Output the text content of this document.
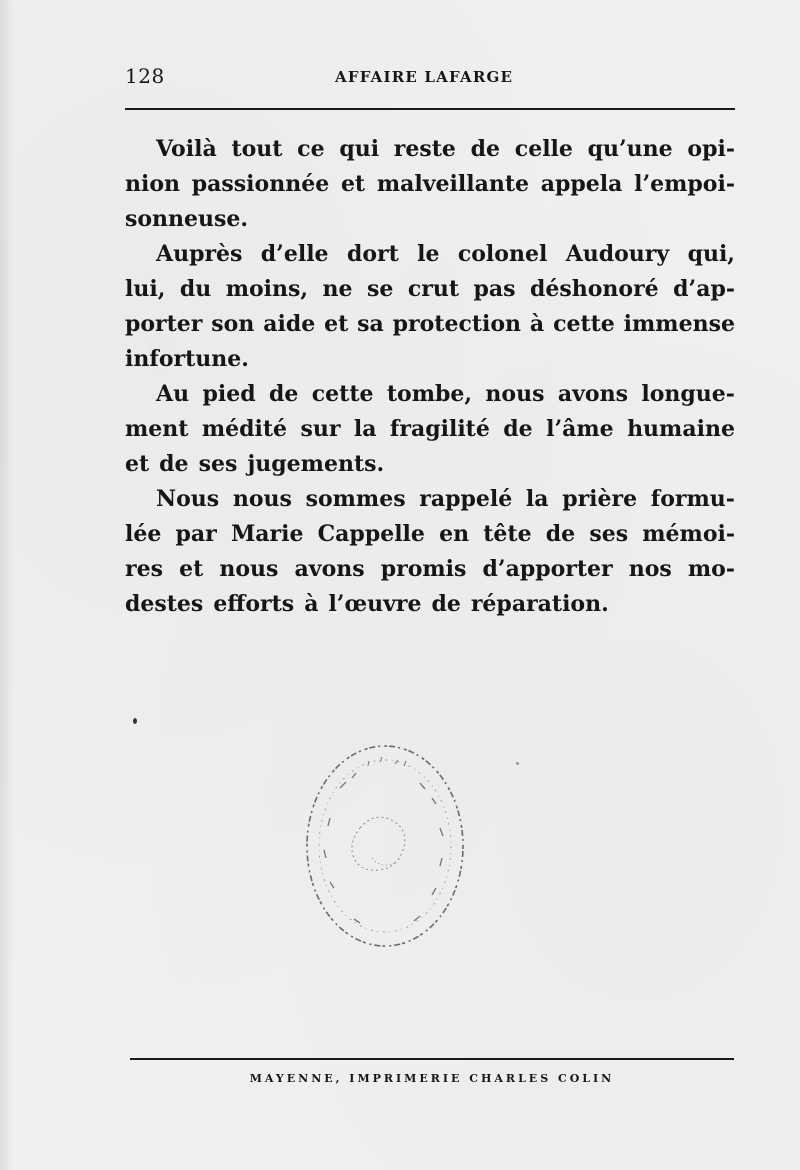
128	AFFAIRE LAFARGE
Voilà tout ce qui reste de celle qu’une opi-
nion passionnée et malveillante appela l’empoi-
sonneuse.
Auprès d’elle dort le colonel Audoury qui,
lui, du moins, ne se crut pas déshonoré d’ap-
porter son aide et sa protection à cette immense
infortune.
Au pied de cette tombe, nous avons longue-
ment médité sur la fragilité de l’âme humaine
et de ses jugements.
Nous nous sommes rappelé la prière formu-
lée par Marie Cappelle en tête de ses mémoi-
res et nous avons promis d’apporter nos mo-
destes efforts à l’œuvre de réparation.
MAYENNE, IMPRIMERIE CHARLES COLIN
